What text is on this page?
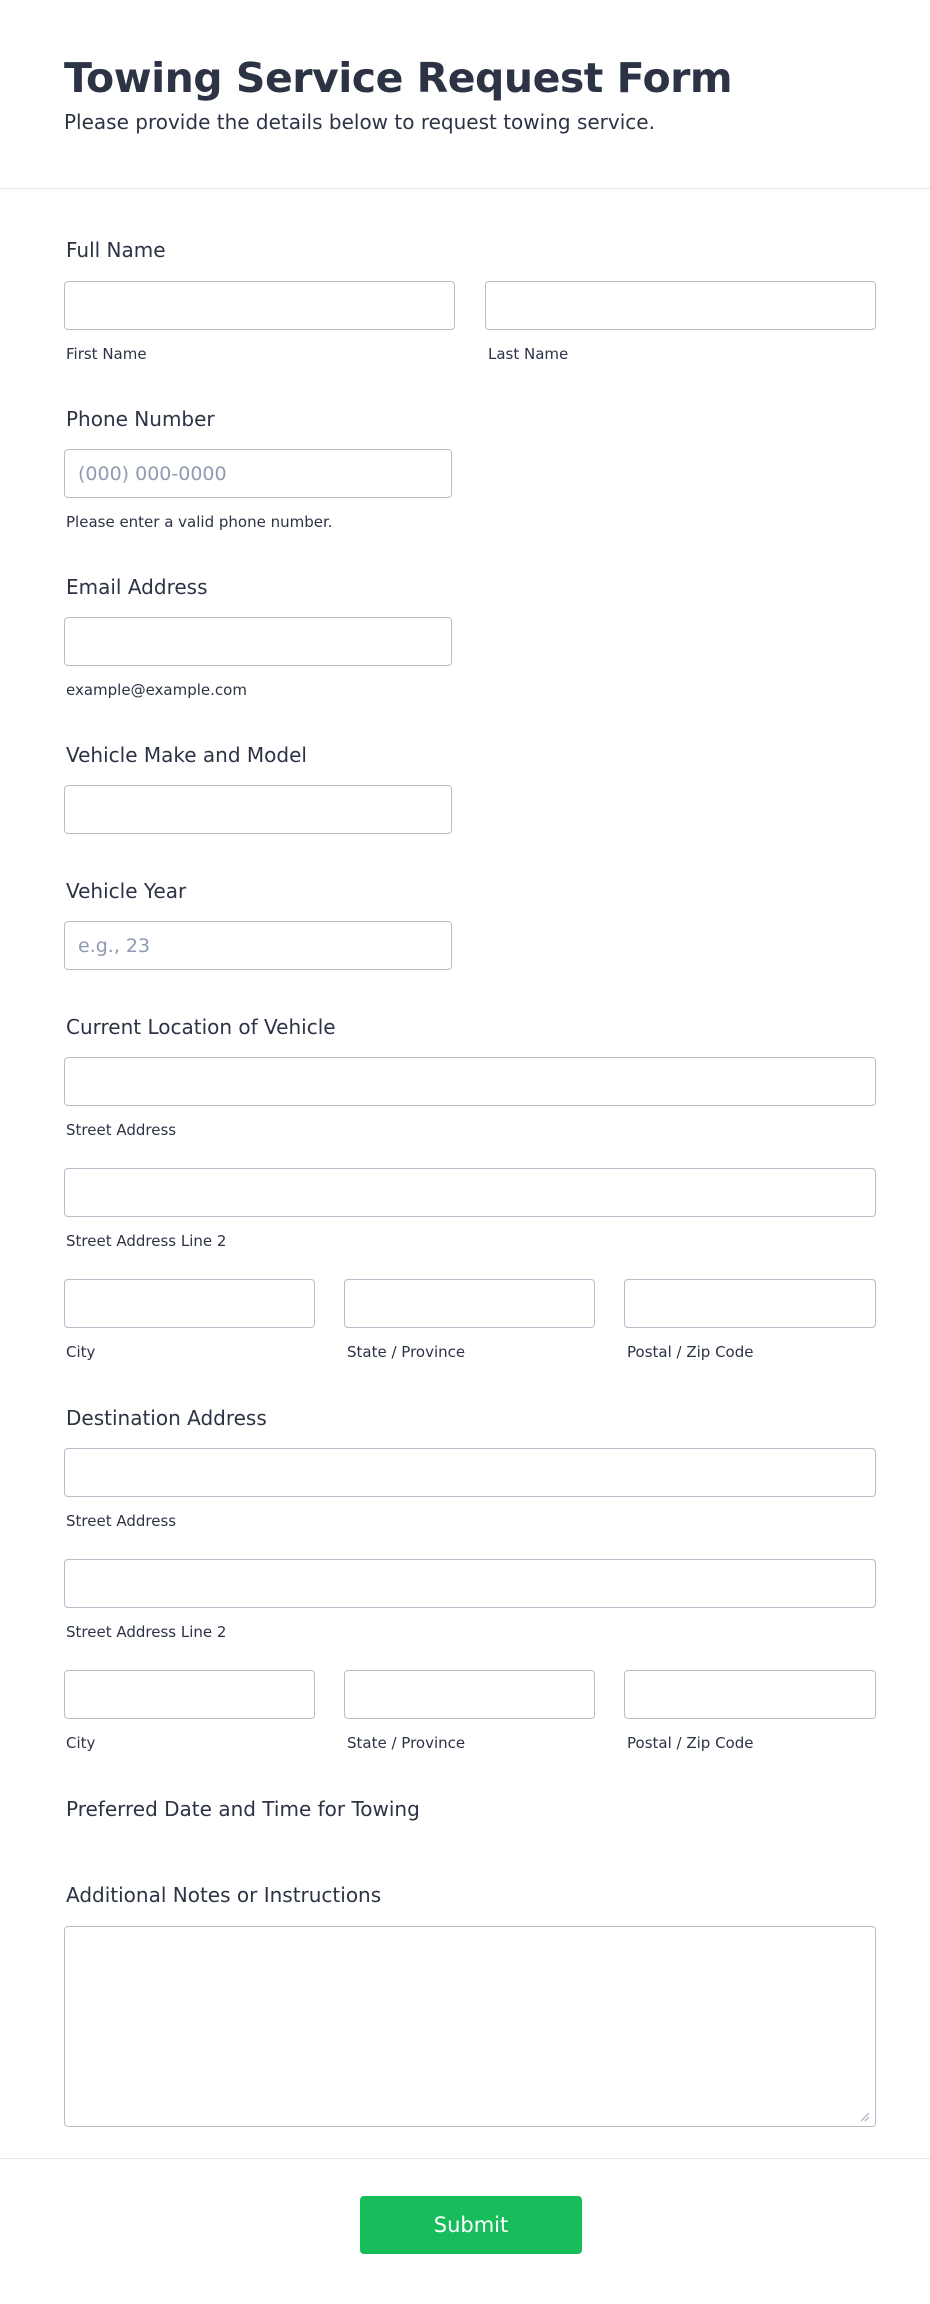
Towing Service Request Form

Please provide the details below to request towing service.

Full Name
First Name	Last Name
Phone Number
(000) 000-0000
Please enter a valid phone number.
Email Address
example@example.com
Vehicle Make and Model
Vehicle Year
e.g., 23
Current Location of Vehicle
Street Address
Street Address Line 2
City	State / Province	Postal / Zip Code
Destination Address
Street Address
Street Address Line 2
City	State / Province	Postal / Zip Code
Preferred Date and Time for Towing
Additional Notes or Instructions
Submit
